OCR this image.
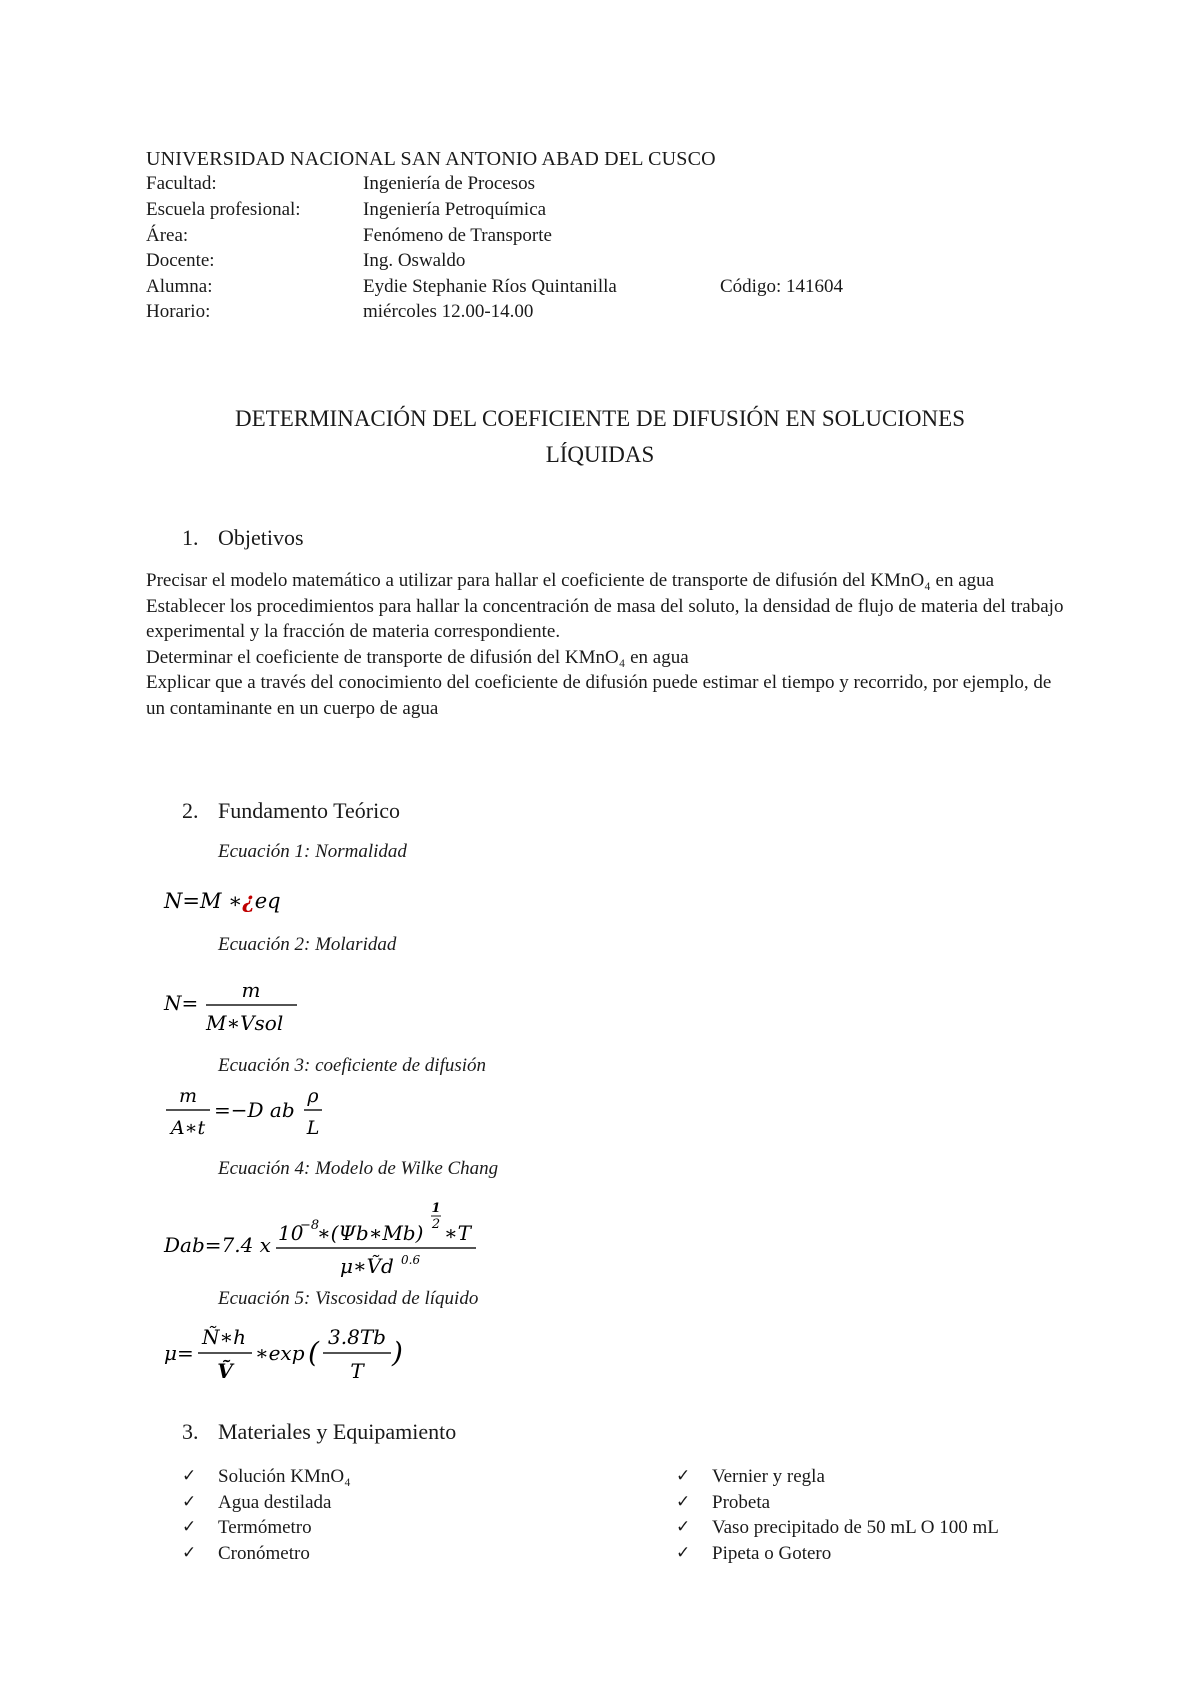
UNIVERSIDAD NACIONAL SAN ANTONIO ABAD DEL CUSCO
Facultad:	Ingeniería de Procesos
Escuela profesional:	Ingeniería Petroquímica
Área:	Fenómeno de Transporte
Docente:	Ing. Oswaldo
Alumna:	Eydie Stephanie Ríos Quintanilla	Código: 141604
Horario:	miércoles 12.00-14.00
DETERMINACIÓN DEL COEFICIENTE DE DIFUSIÓN EN SOLUCIONES
LÍQUIDAS
1. Objetivos

Precisar el modelo matemático a utilizar para hallar el coeficiente de transporte de difusión del KMnO₄ en agua

Establecer los procedimientos para hallar la concentración de masa del soluto, la densidad de flujo de materia del trabajo experimental y la fracción de materia correspondiente.

Determinar el coeficiente de transporte de difusión del KMnO₄ en agua

Explicar que a través del conocimiento del coeficiente de difusión puede estimar el tiempo y recorrido, por ejemplo, de un contaminante en un cuerpo de agua

2. Fundamento Teórico
Ecuación 1: Normalidad
N=M ∗¿eq
Ecuación 2: Molaridad
N=
m
M∗Vsol
Ecuación 3: coeficiente de difusión
m
A∗t
=−D ab
ρ
L
Ecuación 4: Modelo de Wilke Chang
Dab=7.4 x 10
−8
∗(Ψb∗Mb)
1
2 ∗T
μ∗Ṽd 0.6
Ecuación 5: Viscosidad de líquido
μ=
Ñ∗h
Ṽ
∗exp ( 3.8Tb
T
)
3. Materiales y Equipamiento
✓ Solución KMnO₄
✓ Agua destilada
✓ Termómetro
✓ Cronómetro
✓ Vernier y regla
✓ Probeta
✓ Vaso precipitado de 50 mL O 100 mL
✓ Pipeta o Gotero
